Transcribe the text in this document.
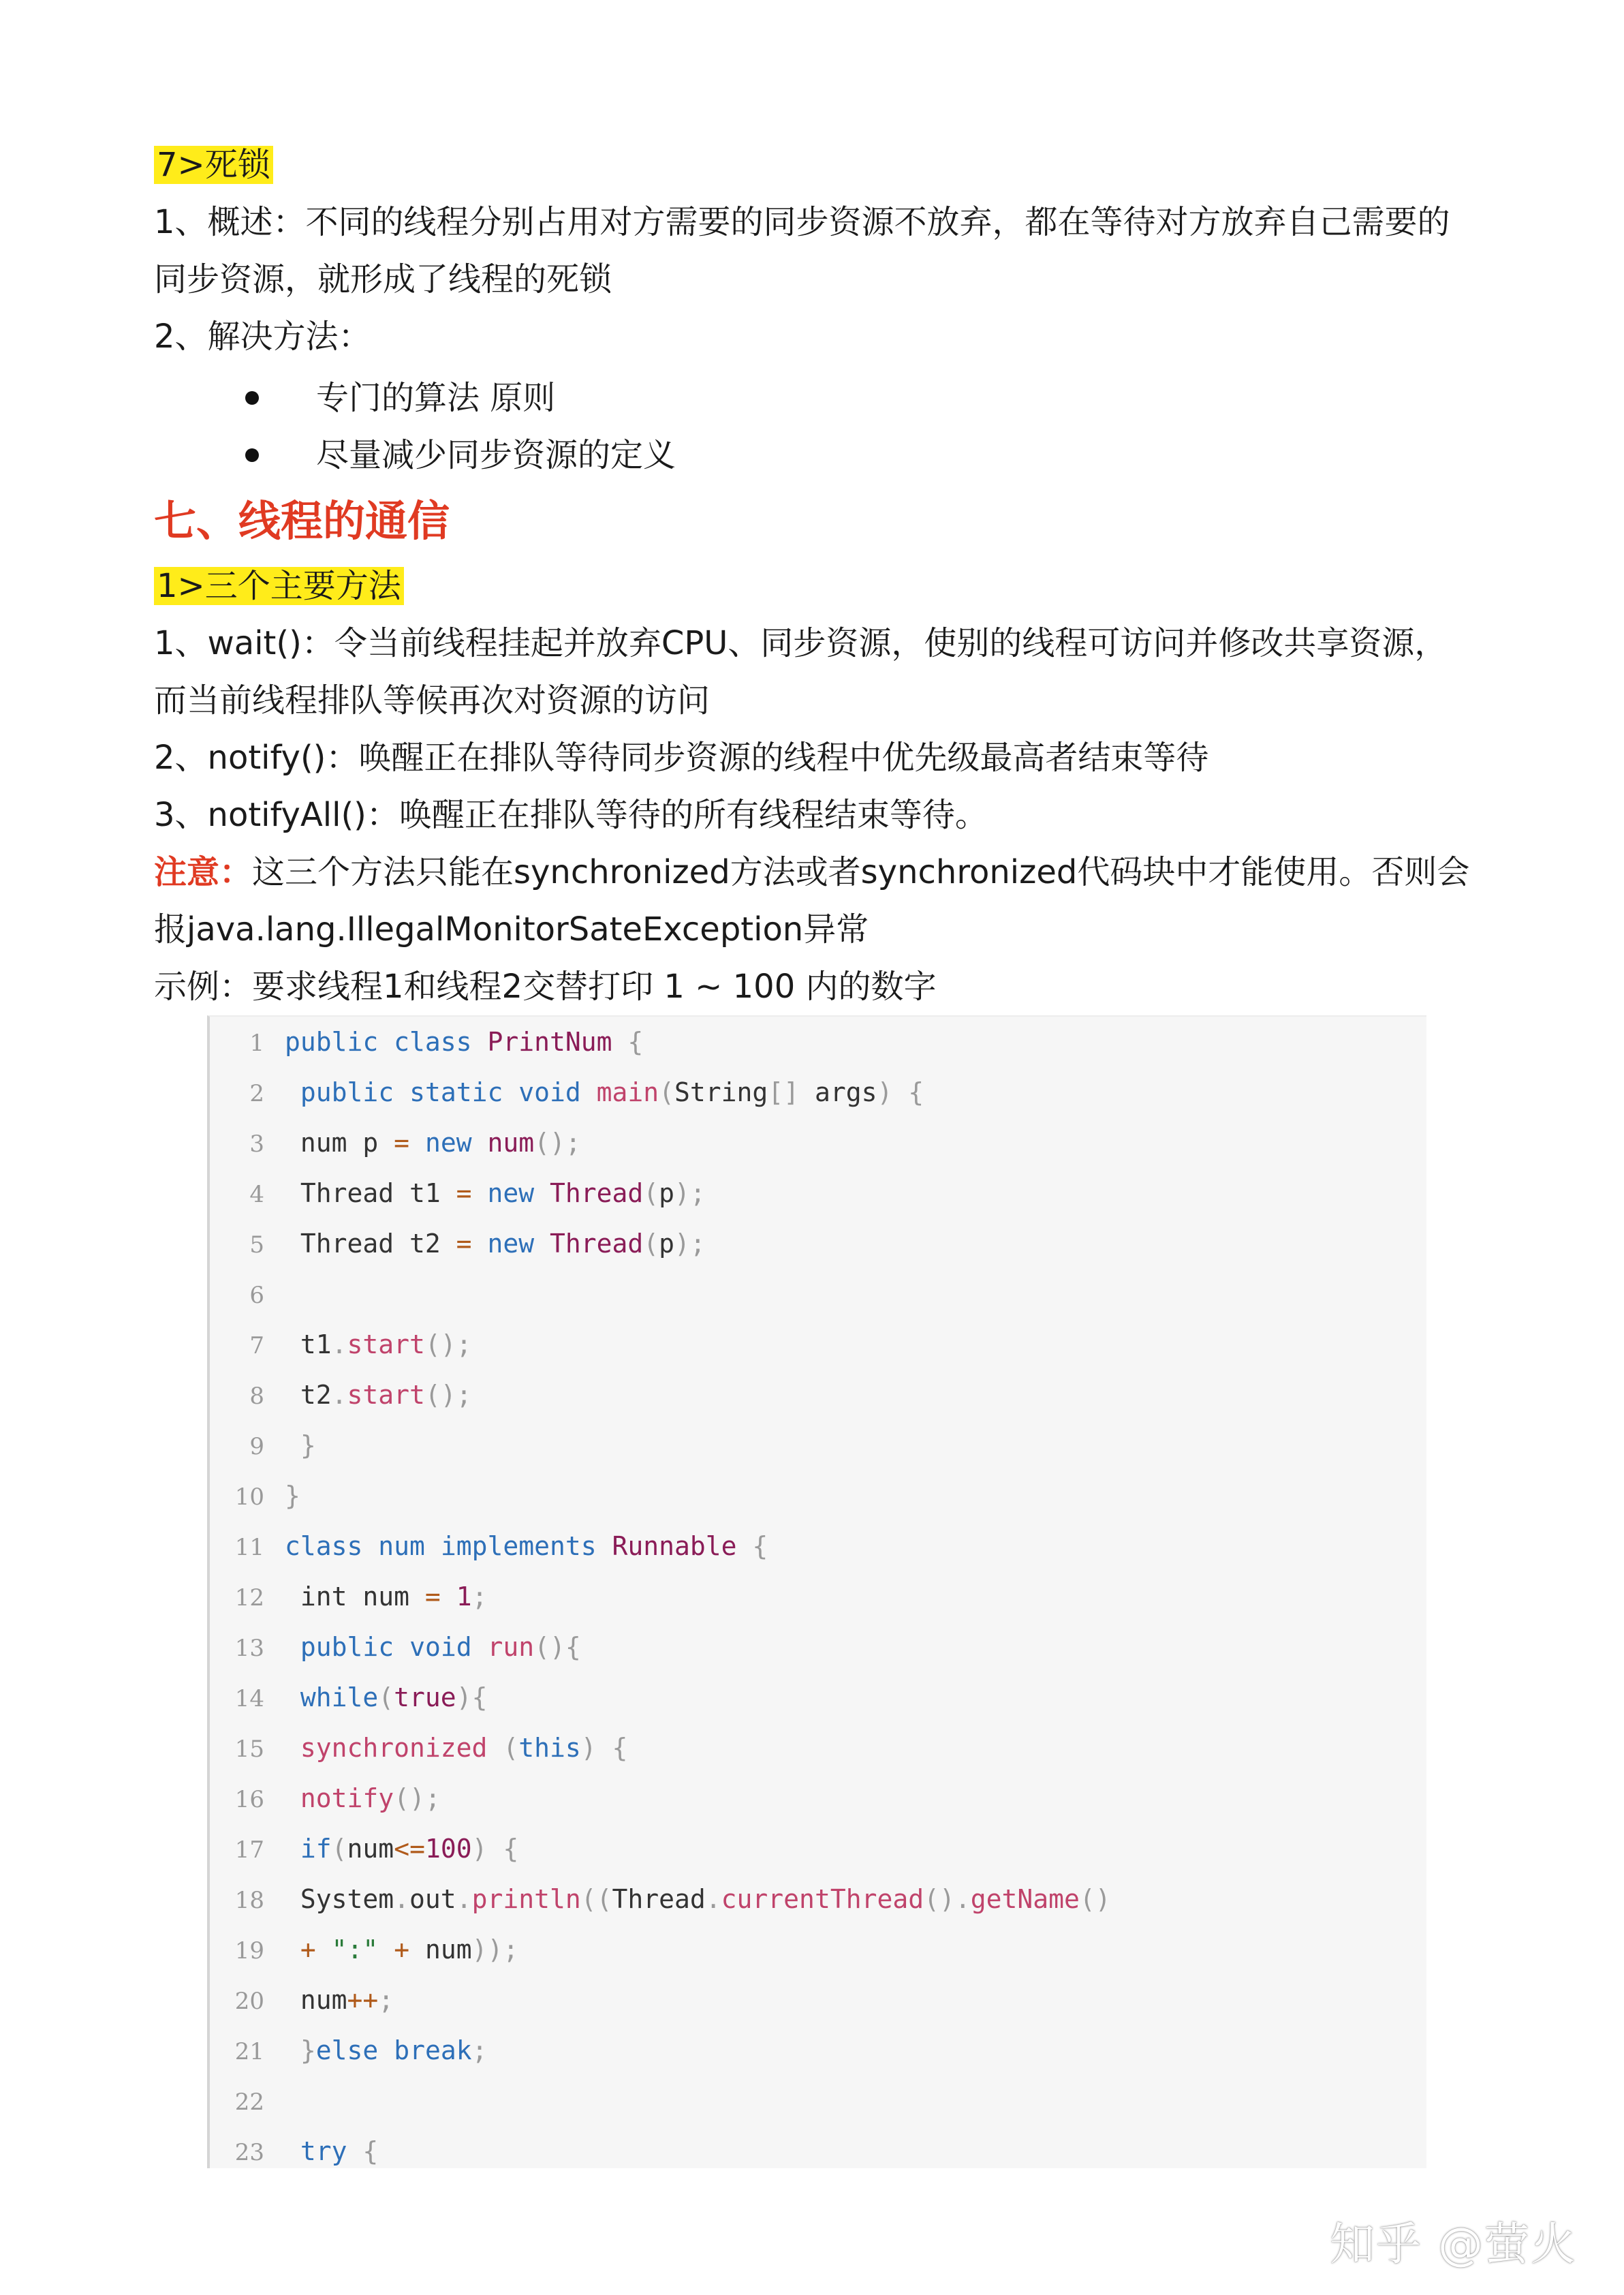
7>死锁
1、概述：不同的线程分别占用对方需要的同步资源不放弃，都在等待对方放弃自己需要的
同步资源，就形成了线程的死锁
2、解决方法：
专门的算法 原则
尽量减少同步资源的定义
七、线程的通信
1>三个主要方法
1、wait()：令当前线程挂起并放弃CPU、同步资源，使别的线程可访问并修改共享资源，
而当前线程排队等候再次对资源的访问
2、notify()：唤醒正在排队等待同步资源的线程中优先级最高者结束等待
3、notifyAll()：唤醒正在排队等待的所有线程结束等待。
注意：这三个方法只能在synchronized方法或者synchronized代码块中才能使用。否则会
报java.lang.IllegalMonitorSateException异常
示例：要求线程1和线程2交替打印 1 ~ 100 内的数字
1 public class PrintNum {
2 public static void main(String[] args) {
3 num p = new num();
4 Thread t1 = new Thread(p);
5 Thread t2 = new Thread(p);
6
7 t1.start();
8 t2.start();
9 }
10 }
11 class num implements Runnable {
12 int num = 1;
13 public void run(){
14 while(true){
15 synchronized (this) {
16 notify();
17 if(num<=100) {
18 System.out.println((Thread.currentThread().getName()
19 + ":" + num));
20 num++;
21 }else break;
22
23 try {
知乎 @萤火
